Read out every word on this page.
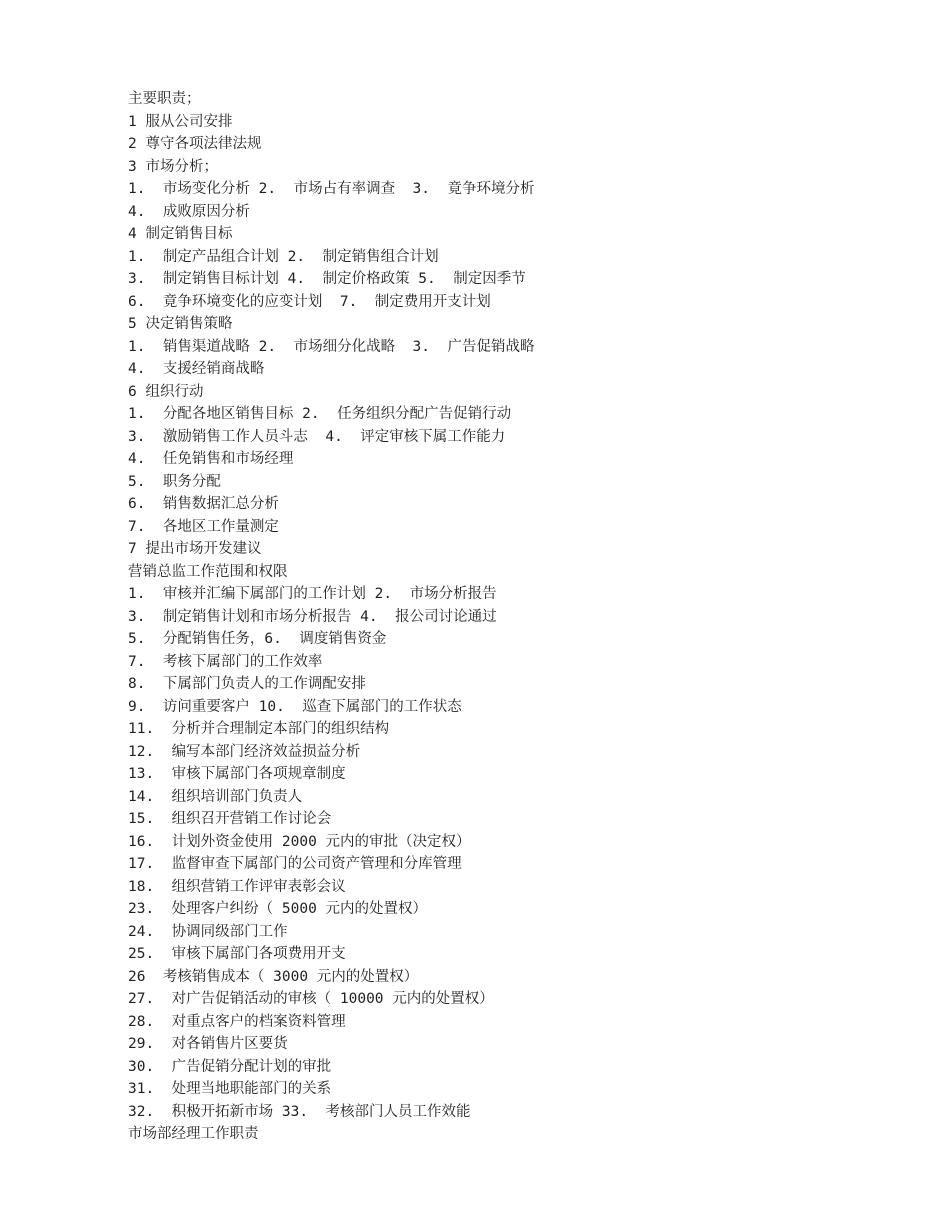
主要职责；
1 服从公司安排
2 尊守各项法律法规
3 市场分析；
1.  市场变化分析 2.  市场占有率调查  3.  竟争环境分析
4.  成败原因分析
4 制定销售目标
1.  制定产品组合计划 2.  制定销售组合计划
3.  制定销售目标计划 4.  制定价格政策 5.  制定因季节
6.  竟争环境变化的应变计划  7.  制定费用开支计划
5 决定销售策略
1.  销售渠道战略 2.  市场细分化战略  3.  广告促销战略
4.  支援经销商战略
6 组织行动
1.  分配各地区销售目标 2.  任务组织分配广告促销行动
3.  激励销售工作人员斗志  4.  评定审核下属工作能力
4.  任免销售和市场经理
5.  职务分配
6.  销售数据汇总分析
7.  各地区工作量测定
7 提出市场开发建议
营销总监工作范围和权限
1.  审核并汇编下属部门的工作计划 2.  市场分析报告
3.  制定销售计划和市场分析报告 4.  报公司讨论通过
5.  分配销售任务，6.  调度销售资金
7.  考核下属部门的工作效率
8.  下属部门负责人的工作调配安排
9.  访问重要客户 10.  巡查下属部门的工作状态
11.  分析并合理制定本部门的组织结构
12.  编写本部门经济效益损益分析
13.  审核下属部门各项规章制度
14.  组织培训部门负责人
15.  组织召开营销工作讨论会
16.  计划外资金使用 2000 元内的审批（决定权）
17.  监督审查下属部门的公司资产管理和分库管理
18.  组织营销工作评审表彰会议
23.  处理客户纠纷（ 5000 元内的处置权）
24.  协调同级部门工作
25.  审核下属部门各项费用开支
26  考核销售成本（ 3000 元内的处置权）
27.  对广告促销活动的审核（ 10000 元内的处置权）
28.  对重点客户的档案资料管理
29.  对各销售片区要货
30.  广告促销分配计划的审批
31.  处理当地职能部门的关系
32.  积极开拓新市场 33.  考核部门人员工作效能
市场部经理工作职责
